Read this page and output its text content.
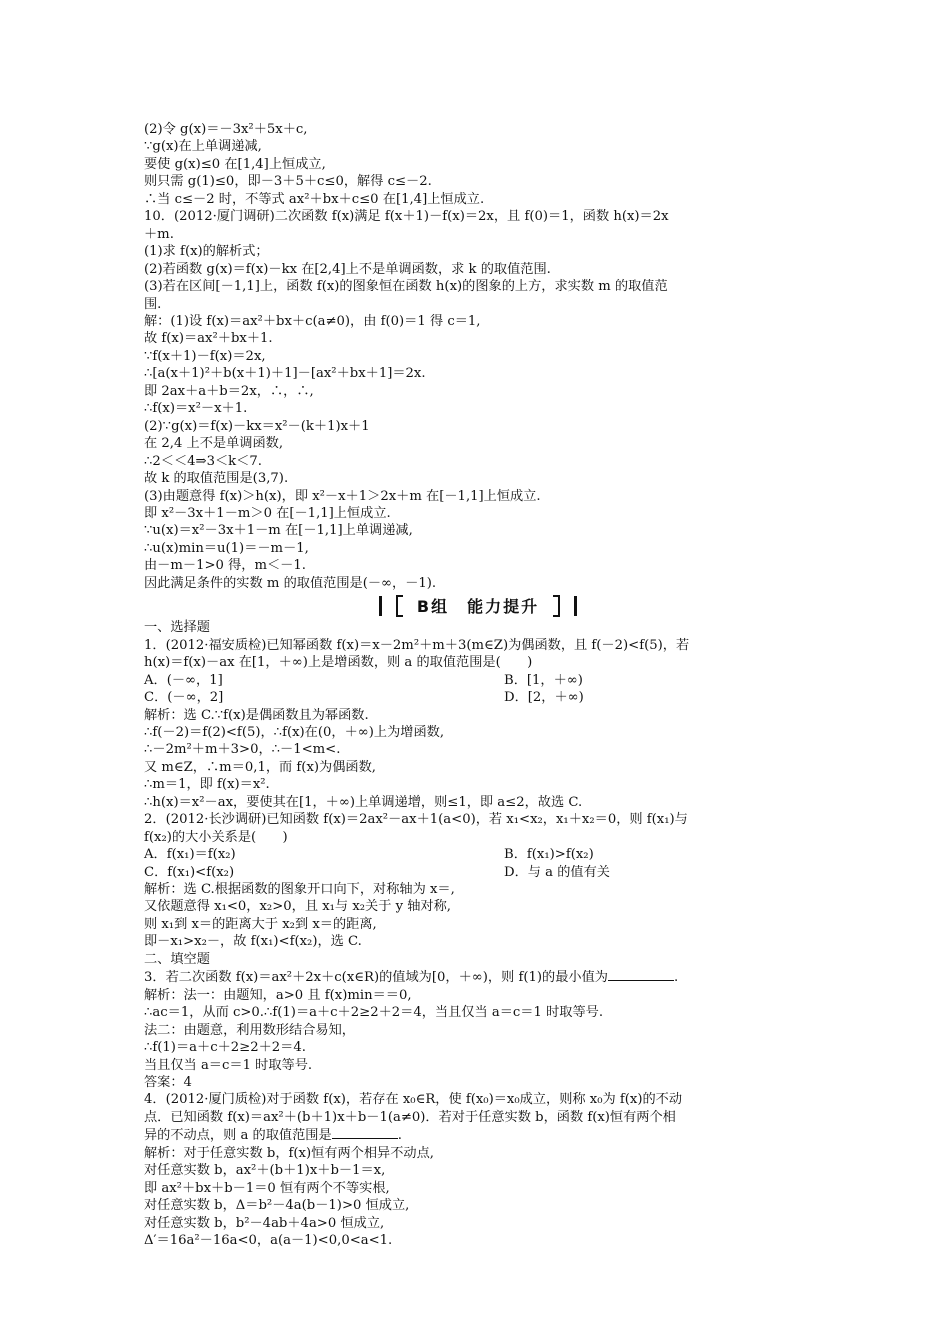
(2)令 g(x)＝－3x²＋5x＋c,

∵g(x)在上单调递减,

要使 g(x)≤0 在[1,4]上恒成立,

则只需 g(1)≤0，即－3＋5＋c≤0，解得 c≤－2.

∴当 c≤－2 时，不等式 ax²＋bx＋c≤0 在[1,4]上恒成立.

10．(2012·厦门调研)二次函数 f(x)满足 f(x＋1)－f(x)＝2x，且 f(0)＝1，函数 h(x)＝2x

＋m.

(1)求 f(x)的解析式；

(2)若函数 g(x)＝f(x)－kx 在[2,4]上不是单调函数，求 k 的取值范围.

(3)若在区间[－1,1]上，函数 f(x)的图象恒在函数 h(x)的图象的上方，求实数 m 的取值范

围.

解：(1)设 f(x)＝ax²＋bx＋c(a≠0)，由 f(0)＝1 得 c＝1,

故 f(x)＝ax²＋bx＋1.

∵f(x＋1)－f(x)＝2x,

∴[a(x＋1)²＋b(x＋1)＋1]－[ax²＋bx＋1]＝2x.

即 2ax＋a＋b＝2x，∴，∴,

∴f(x)＝x²－x＋1.

(2)∵g(x)＝f(x)－kx＝x²－(k＋1)x＋1

在 2,4 上不是单调函数,

∴2＜＜4⇒3＜k＜7.

故 k 的取值范围是(3,7).

(3)由题意得 f(x)＞h(x)，即 x²－x＋1＞2x＋m 在[－1,1]上恒成立.

即 x²－3x＋1－m＞0 在[－1,1]上恒成立.

∵u(x)＝x²－3x＋1－m 在[－1,1]上单调递减,

∴u(x)min＝u(1)＝－m－1,

由－m－1>0 得，m＜－1.

因此满足条件的实数 m 的取值范围是(－∞，－1).

B组　能力提升

一、选择题

1．(2012·福安质检)已知幂函数 f(x)＝x－2m²＋m＋3(m∈Z)为偶函数，且 f(－2)<f(5)，若

h(x)＝f(x)－ax 在[1，＋∞)上是增函数，则 a 的取值范围是(　　)

A．(－∞，1]	B．[1，＋∞)
C．(－∞，2]	D．[2，＋∞)

解析：选 C.∵f(x)是偶函数且为幂函数.

∴f(－2)＝f(2)<f(5)，∴f(x)在(0，＋∞)上为增函数,

∴－2m²＋m＋3>0，∴－1<m<.

又 m∈Z，∴m＝0,1，而 f(x)为偶函数,

∴m＝1，即 f(x)＝x².

∴h(x)＝x²－ax，要使其在[1，＋∞)上单调递增，则≤1，即 a≤2，故选 C.

2．(2012·长沙调研)已知函数 f(x)＝2ax²－ax＋1(a<0)，若 x₁<x₂，x₁＋x₂＝0，则 f(x₁)与

f(x₂)的大小关系是(　　)

A．f(x₁)＝f(x₂)	B．f(x₁)>f(x₂)
C．f(x₁)<f(x₂)	D．与 a 的值有关

解析：选 C.根据函数的图象开口向下，对称轴为 x＝,

又依题意得 x₁<0，x₂>0，且 x₁与 x₂关于 y 轴对称,

则 x₁到 x＝的距离大于 x₂到 x＝的距离,

即－x₁>x₂－，故 f(x₁)<f(x₂)，选 C.

二、填空题

3．若二次函数 f(x)＝ax²＋2x＋c(x∈R)的值域为[0，＋∞)，则 f(1)的最小值为	.

解析：法一：由题知，a>0 且 f(x)min＝＝0,

∴ac＝1，从而 c>0.∴f(1)＝a＋c＋2≥2＋2＝4，当且仅当 a＝c＝1 时取等号.

法二：由题意，利用数形结合易知，

∴f(1)＝a＋c＋2≥2＋2＝4.

当且仅当 a＝c＝1 时取等号.

答案：4

4．(2012·厦门质检)对于函数 f(x)，若存在 x₀∈R，使 f(x₀)＝x₀成立，则称 x₀为 f(x)的不动

点．已知函数 f(x)＝ax²＋(b＋1)x＋b－1(a≠0)．若对于任意实数 b，函数 f(x)恒有两个相

异的不动点，则 a 的取值范围是	.

解析：对于任意实数 b，f(x)恒有两个相异不动点,

对任意实数 b，ax²＋(b＋1)x＋b－1＝x,

即 ax²＋bx＋b－1＝0 恒有两个不等实根,

对任意实数 b，Δ＝b²－4a(b－1)>0 恒成立,

对任意实数 b，b²－4ab＋4a>0 恒成立,

Δ′＝16a²－16a<0，a(a－1)<0,0<a<1.
